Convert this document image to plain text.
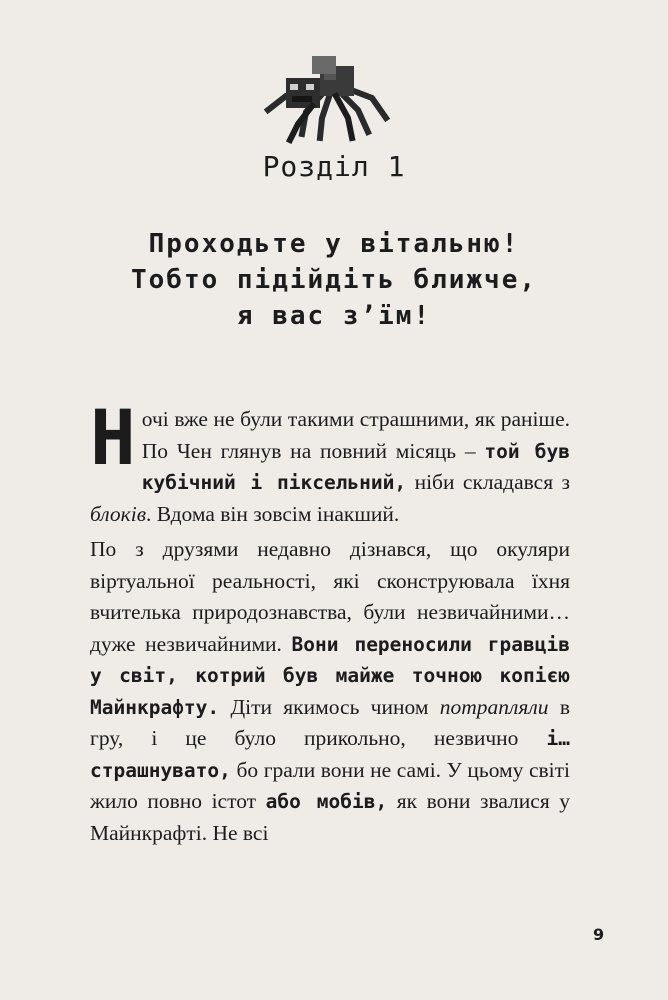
Розділ 1
Проходьте у вітальню!
Тобто підійдіть ближче,
я вас з’їм!

Ночі вже не були такими страшними, як раніше. По Чен глянув на повний місяць – той був кубічний і піксельний, ніби складався з блоків. Вдома він зовсім інакший.

По з друзями недавно дізнався, що окуляри віртуальної реальності, які сконструювала їхня вчителька природознавства, були незвичайними… дуже незвичайними. Вони переносили гравців у світ, котрий був майже точною копією Майнкрафту. Діти якимось чином потрапляли в гру, і це було прикольно, незвично і… страшнувато, бо грали вони не самі. У цьому світі жило повно істот або мобів, як вони звалися у Майнкрафті. Не всі

9
